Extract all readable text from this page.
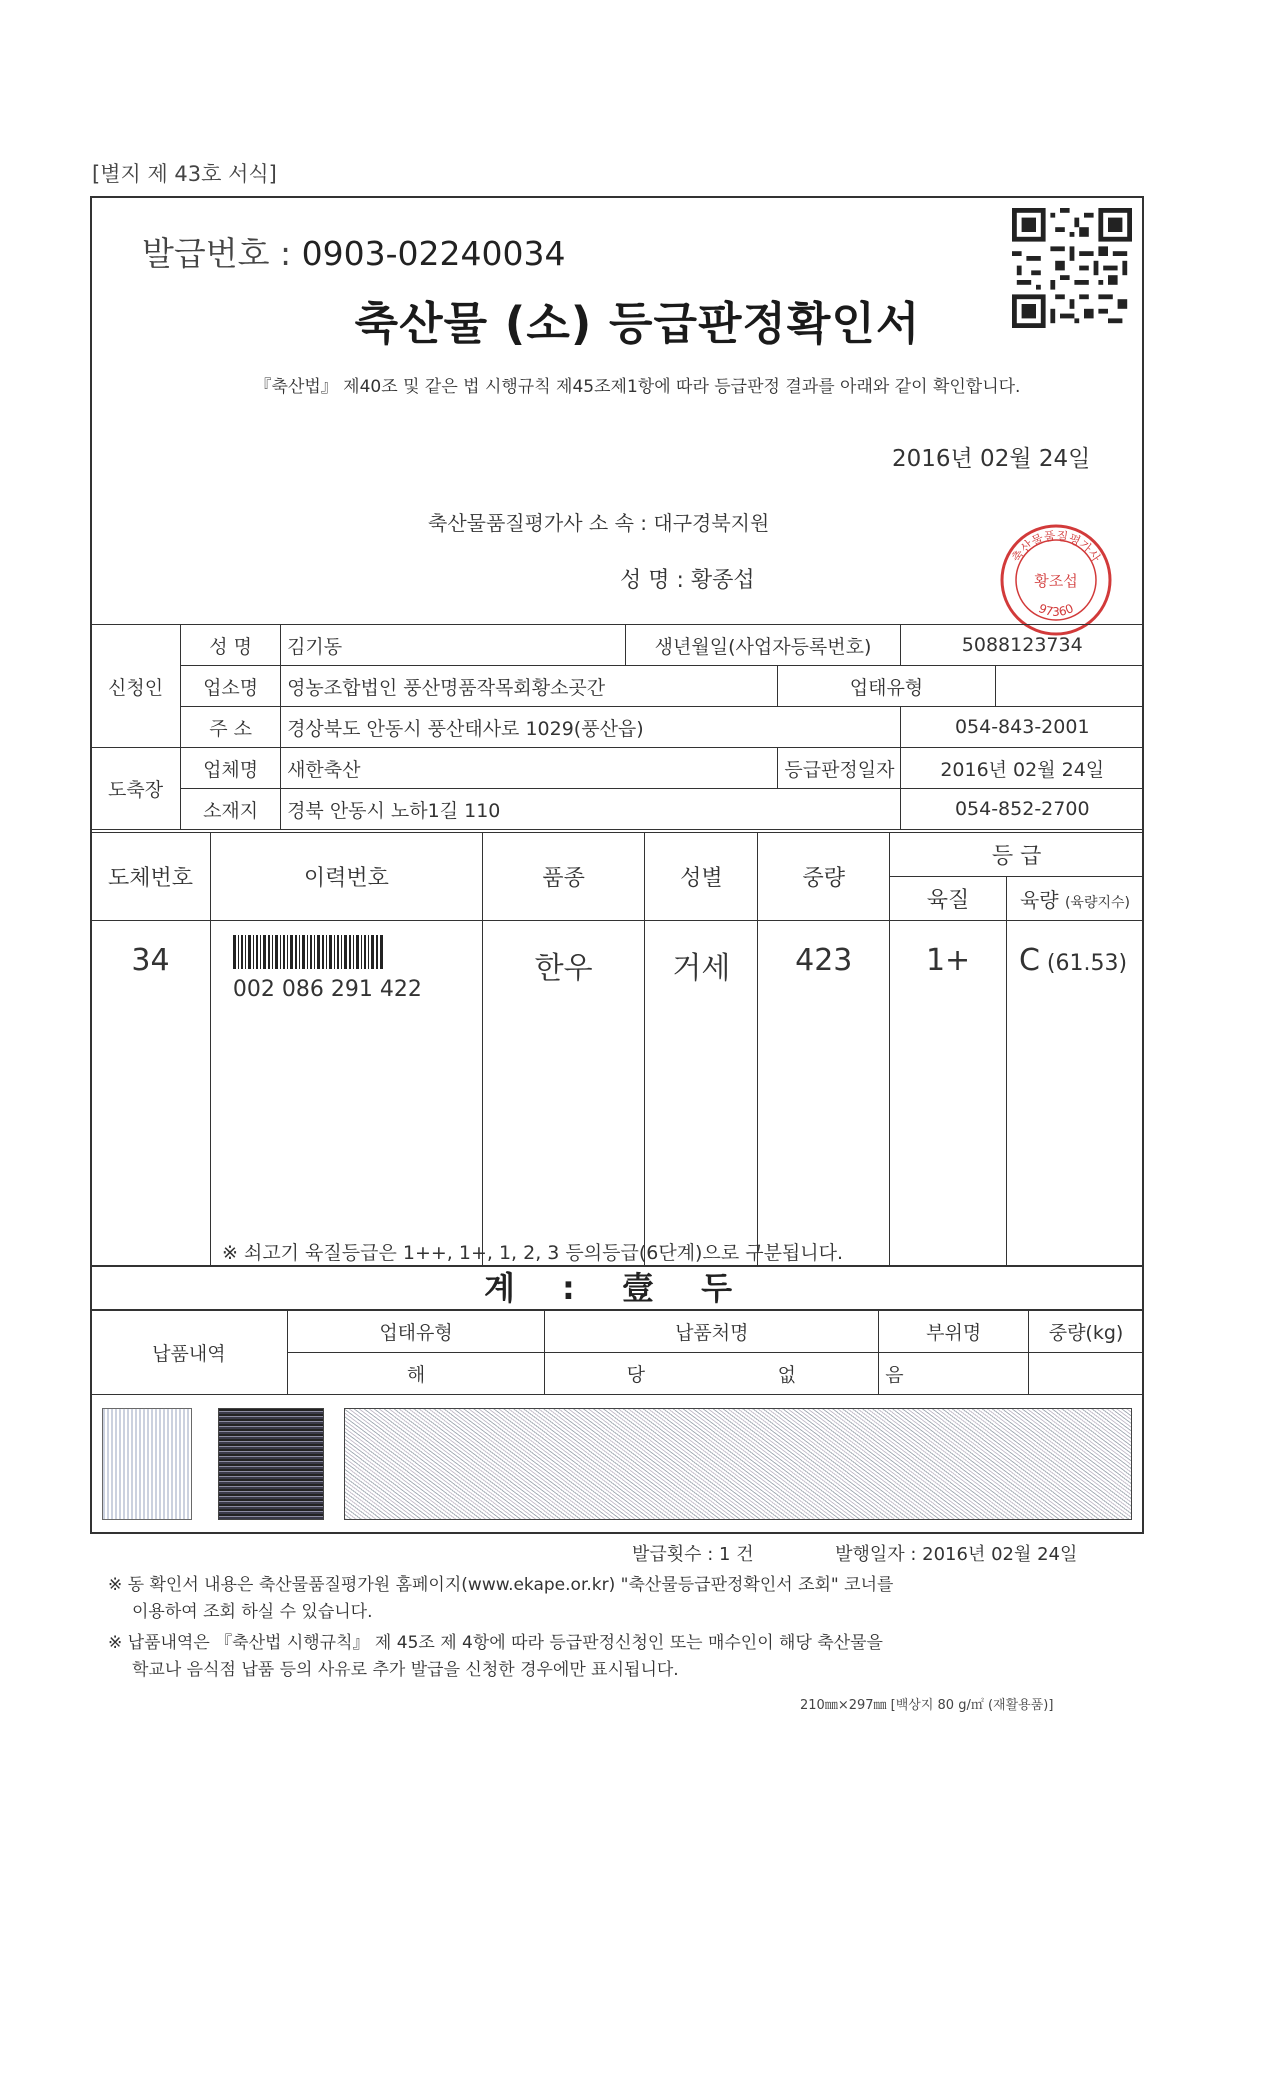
[별지 제 43호 서식]
발급번호 : 0903-02240034
축산물 (소) 등급판정확인서
『축산법』 제40조 및 같은 법 시행규칙 제45조제1항에 따라 등급판정 결과를 아래와 같이 확인합니다.
2016년 02월 24일
축산물품질평가사 소 속 : 대구경북지원
성 명 : 황종섭
축산물품질평가사
황조섭
97360
신청인	성 명	김기동	생년월일(사업자등록번호)		5088123734	
	업소명	영농조합법인 풍산명품작목회황소곳간		업태유형		
	주 소	경상북도 안동시 풍산태사로 1029(풍산읍)			054-843-2001	
도축장	업체명	새한축산		등급판정일자	2016년 02월 24일	
	소재지	경북 안동시 노하1길 110			054-852-2700	
도체번호	이력번호	품종	성별	중량	등 급	
					육질	육량 (육량지수)
34	002 086 291 422	한우	거세	423	1+	C (61.53)
※ 쇠고기 육질등급은 1++, 1+, 1, 2, 3 등의등급(6단계)으로 구분됩니다.
계 : 壹 두
납품내역	업태유형	납품처명	부위명	중량(kg)
	해	당 없	음	
발급횟수 : 1 건	발행일자 : 2016년 02월 24일
※ 동 확인서 내용은 축산물품질평가원 홈페이지(www.ekape.or.kr) "축산물등급판정확인서 조회" 코너를
이용하여 조회 하실 수 있습니다.
※ 납품내역은 『축산법 시행규칙』 제 45조 제 4항에 따라 등급판정신청인 또는 매수인이 해당 축산물을
학교나 음식점 납품 등의 사유로 추가 발급을 신청한 경우에만 표시됩니다.
210㎜×297㎜ [백상지 80 g/㎡ (재활용품)]
